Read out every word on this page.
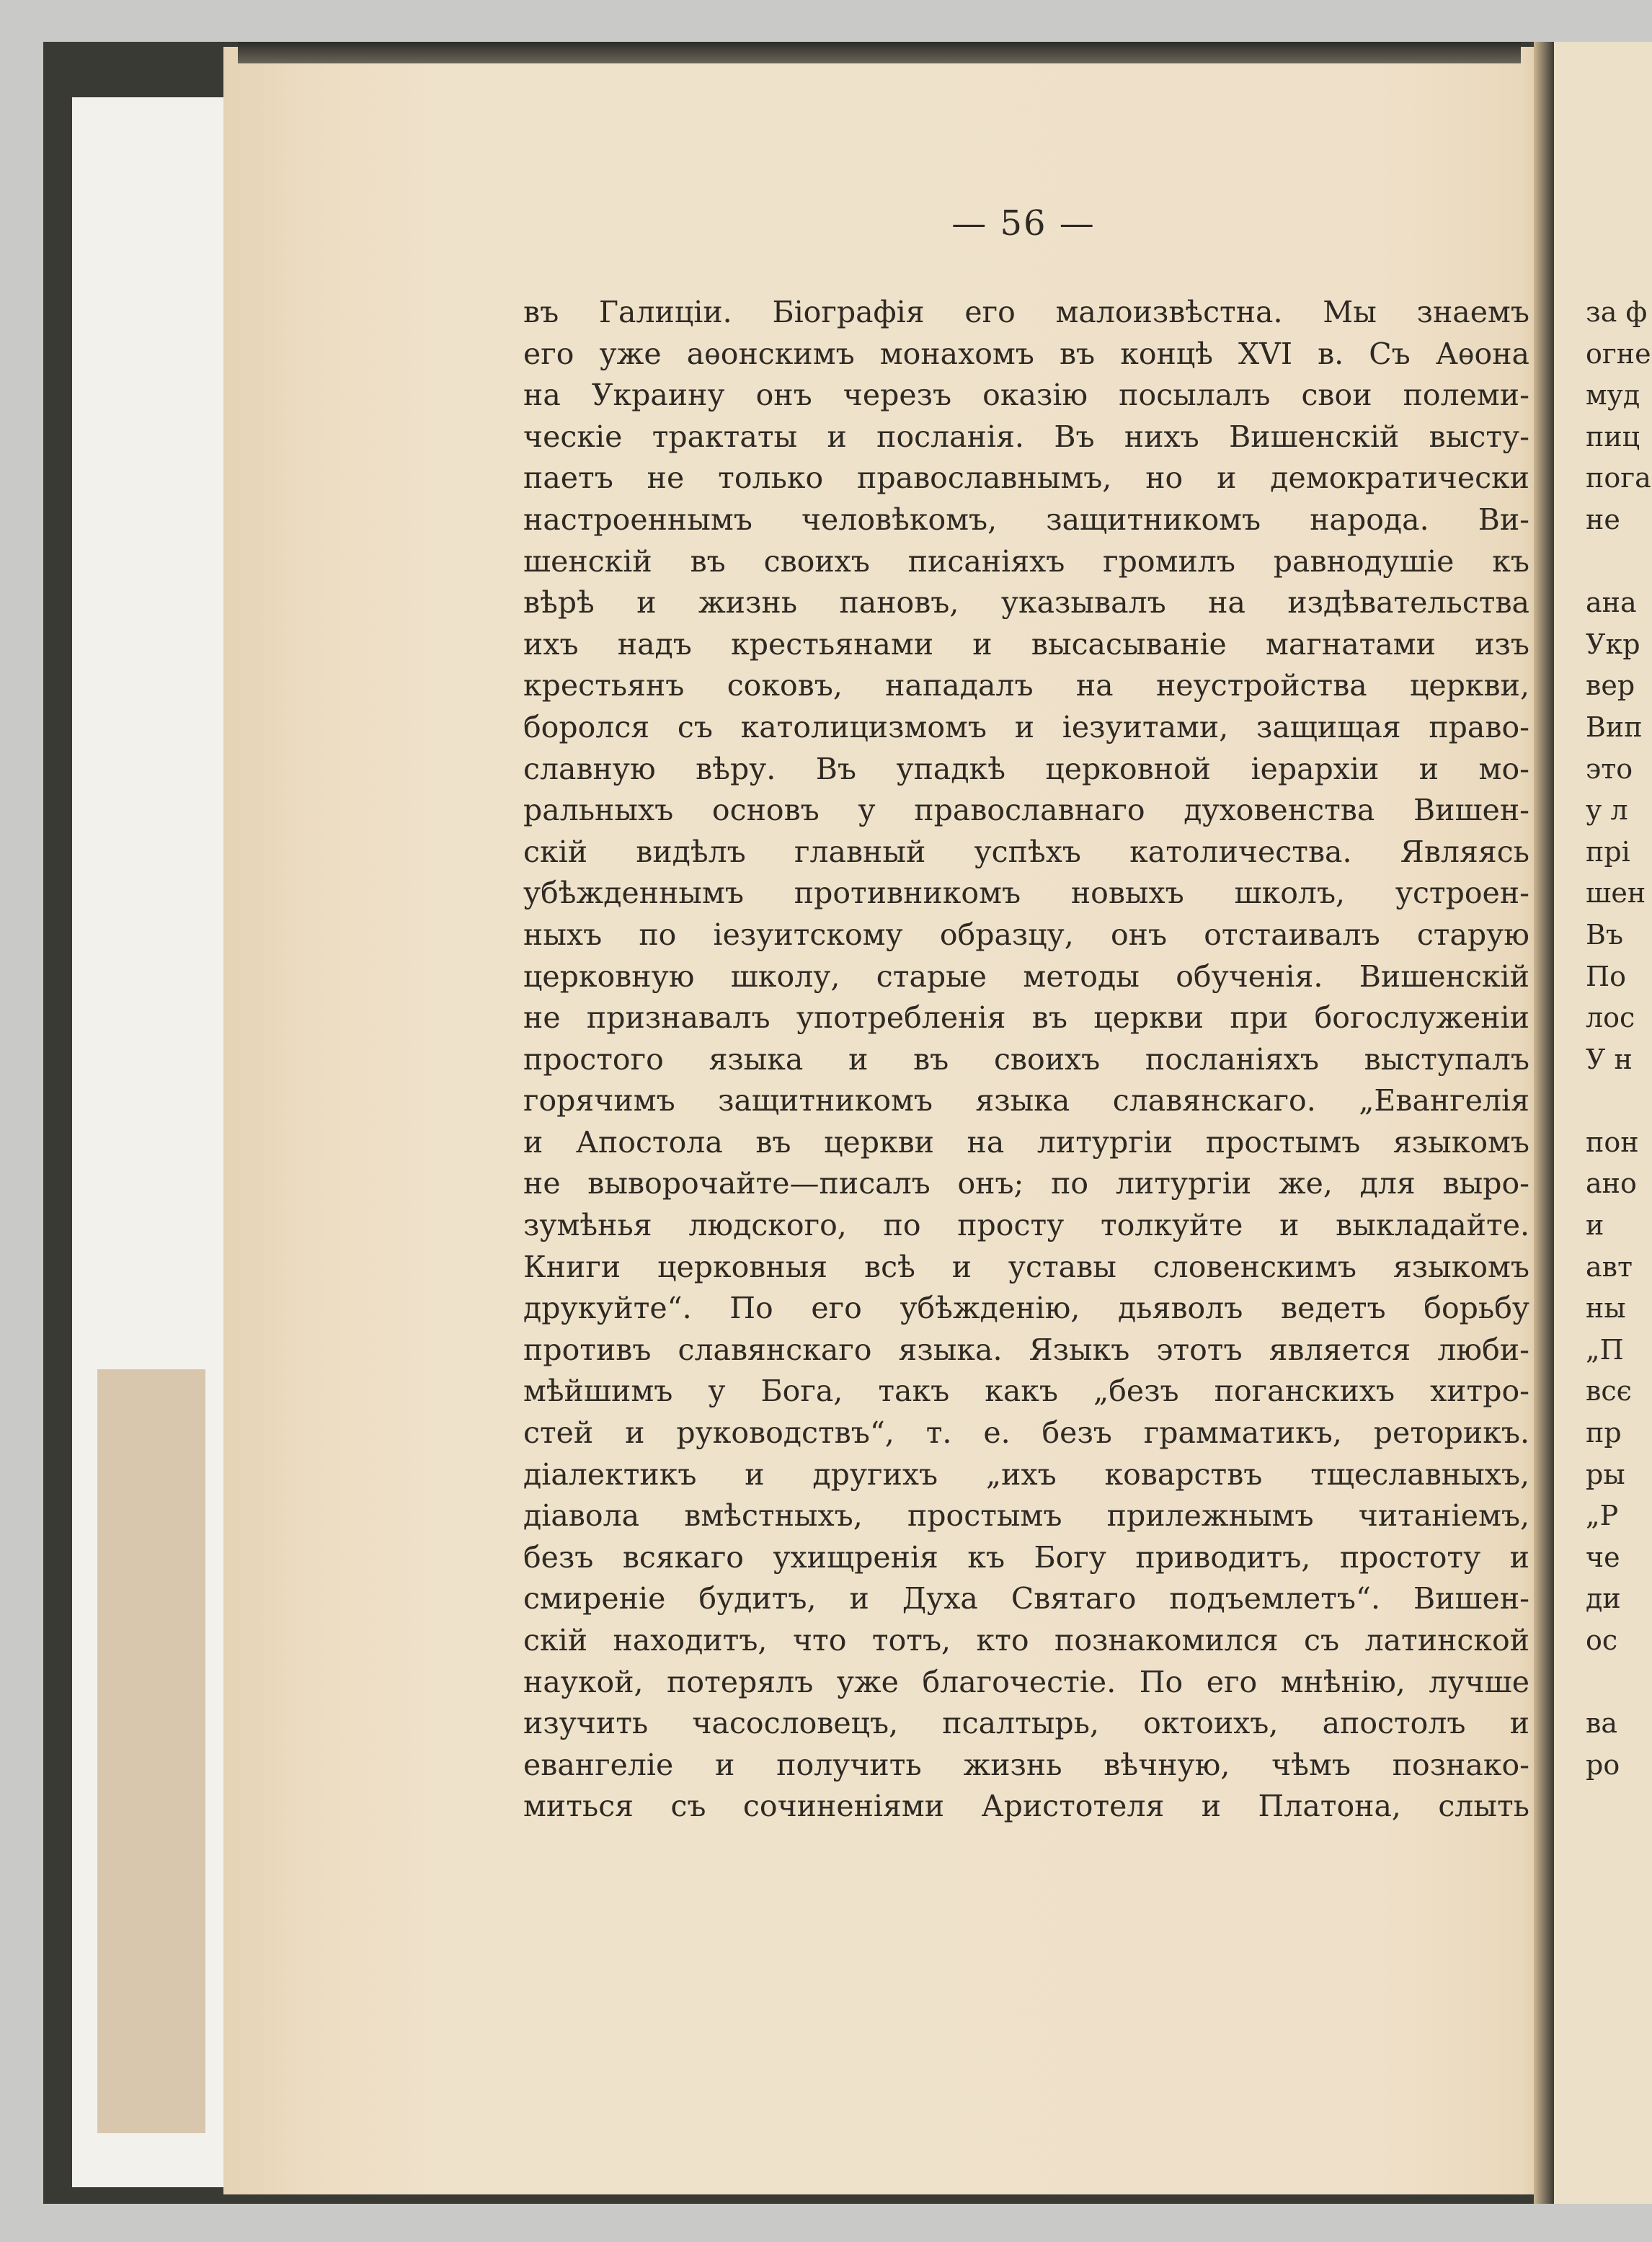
— 56 —
въ Галиціи. Біографія его малоизвѣстна. Мы знаемъ
его уже аѳонскимъ монахомъ въ концѣ XVI в. Съ Аѳона
на Украину онъ черезъ оказію посылалъ свои полеми-
ческіе трактаты и посланія. Въ нихъ Вишенскій высту-
паетъ не только православнымъ, но и демократически
настроеннымъ человѣкомъ, защитникомъ народа. Ви-
шенскій въ своихъ писаніяхъ громилъ равнодушіе къ
вѣрѣ и жизнь пановъ, указывалъ на издѣвательства
ихъ надъ крестьянами и высасываніе магнатами изъ
крестьянъ соковъ, нападалъ на неустройства церкви,
боролся съ католицизмомъ и іезуитами, защищая право-
славную вѣру. Въ упадкѣ церковной іерархіи и мо-
ральныхъ основъ у православнаго духовенства Вишен-
скій видѣлъ главный успѣхъ католичества. Являясь
убѣжденнымъ противникомъ новыхъ школъ, устроен-
ныхъ по іезуитскому образцу, онъ отстаивалъ старую
церковную школу, старые методы обученія. Вишенскій
не признавалъ употребленія въ церкви при богослуженіи
простого языка и въ своихъ посланіяхъ выступалъ
горячимъ защитникомъ языка славянскаго. „Евангелія
и Апостола въ церкви на литургіи простымъ языкомъ
не выворочайте—писалъ онъ; по литургіи же, для выро-
зумѣнья людского, по просту толкуйте и выкладайте.
Книги церковныя всѣ и уставы словенскимъ языкомъ
друкуйте“. По его убѣжденію, дьяволъ ведетъ борьбу
противъ славянскаго языка. Языкъ этотъ является люби-
мѣйшимъ у Бога, такъ какъ „безъ поганскихъ хитро-
стей и руководствъ“, т. е. безъ грамматикъ, реторикъ.
діалектикъ и другихъ „ихъ коварствъ тщеславныхъ,
діавола вмѣстныхъ, простымъ прилежнымъ читаніемъ,
безъ всякаго ухищренія къ Богу приводитъ, простоту и
смиреніе будитъ, и Духа Святаго подъемлетъ“. Вишен-
скій находитъ, что тотъ, кто познакомился съ латинской
наукой, потерялъ уже благочестіе. По его мнѣнію, лучше
изучить часословецъ, псалтырь, октоихъ, апостолъ и
евангеліе и получить жизнь вѣчную, чѣмъ познако-
миться съ сочиненіями Аристотеля и Платона, слыть
за ф
огне
муд
пиц
пога
не
ана
Укр
вер
Вип
это
у л
прі
шен
Въ
По
лос
У н
пон
ано
и
авт
ны
„П
всє
пр
ры
„Р
че
ди
ос
ва
ро
